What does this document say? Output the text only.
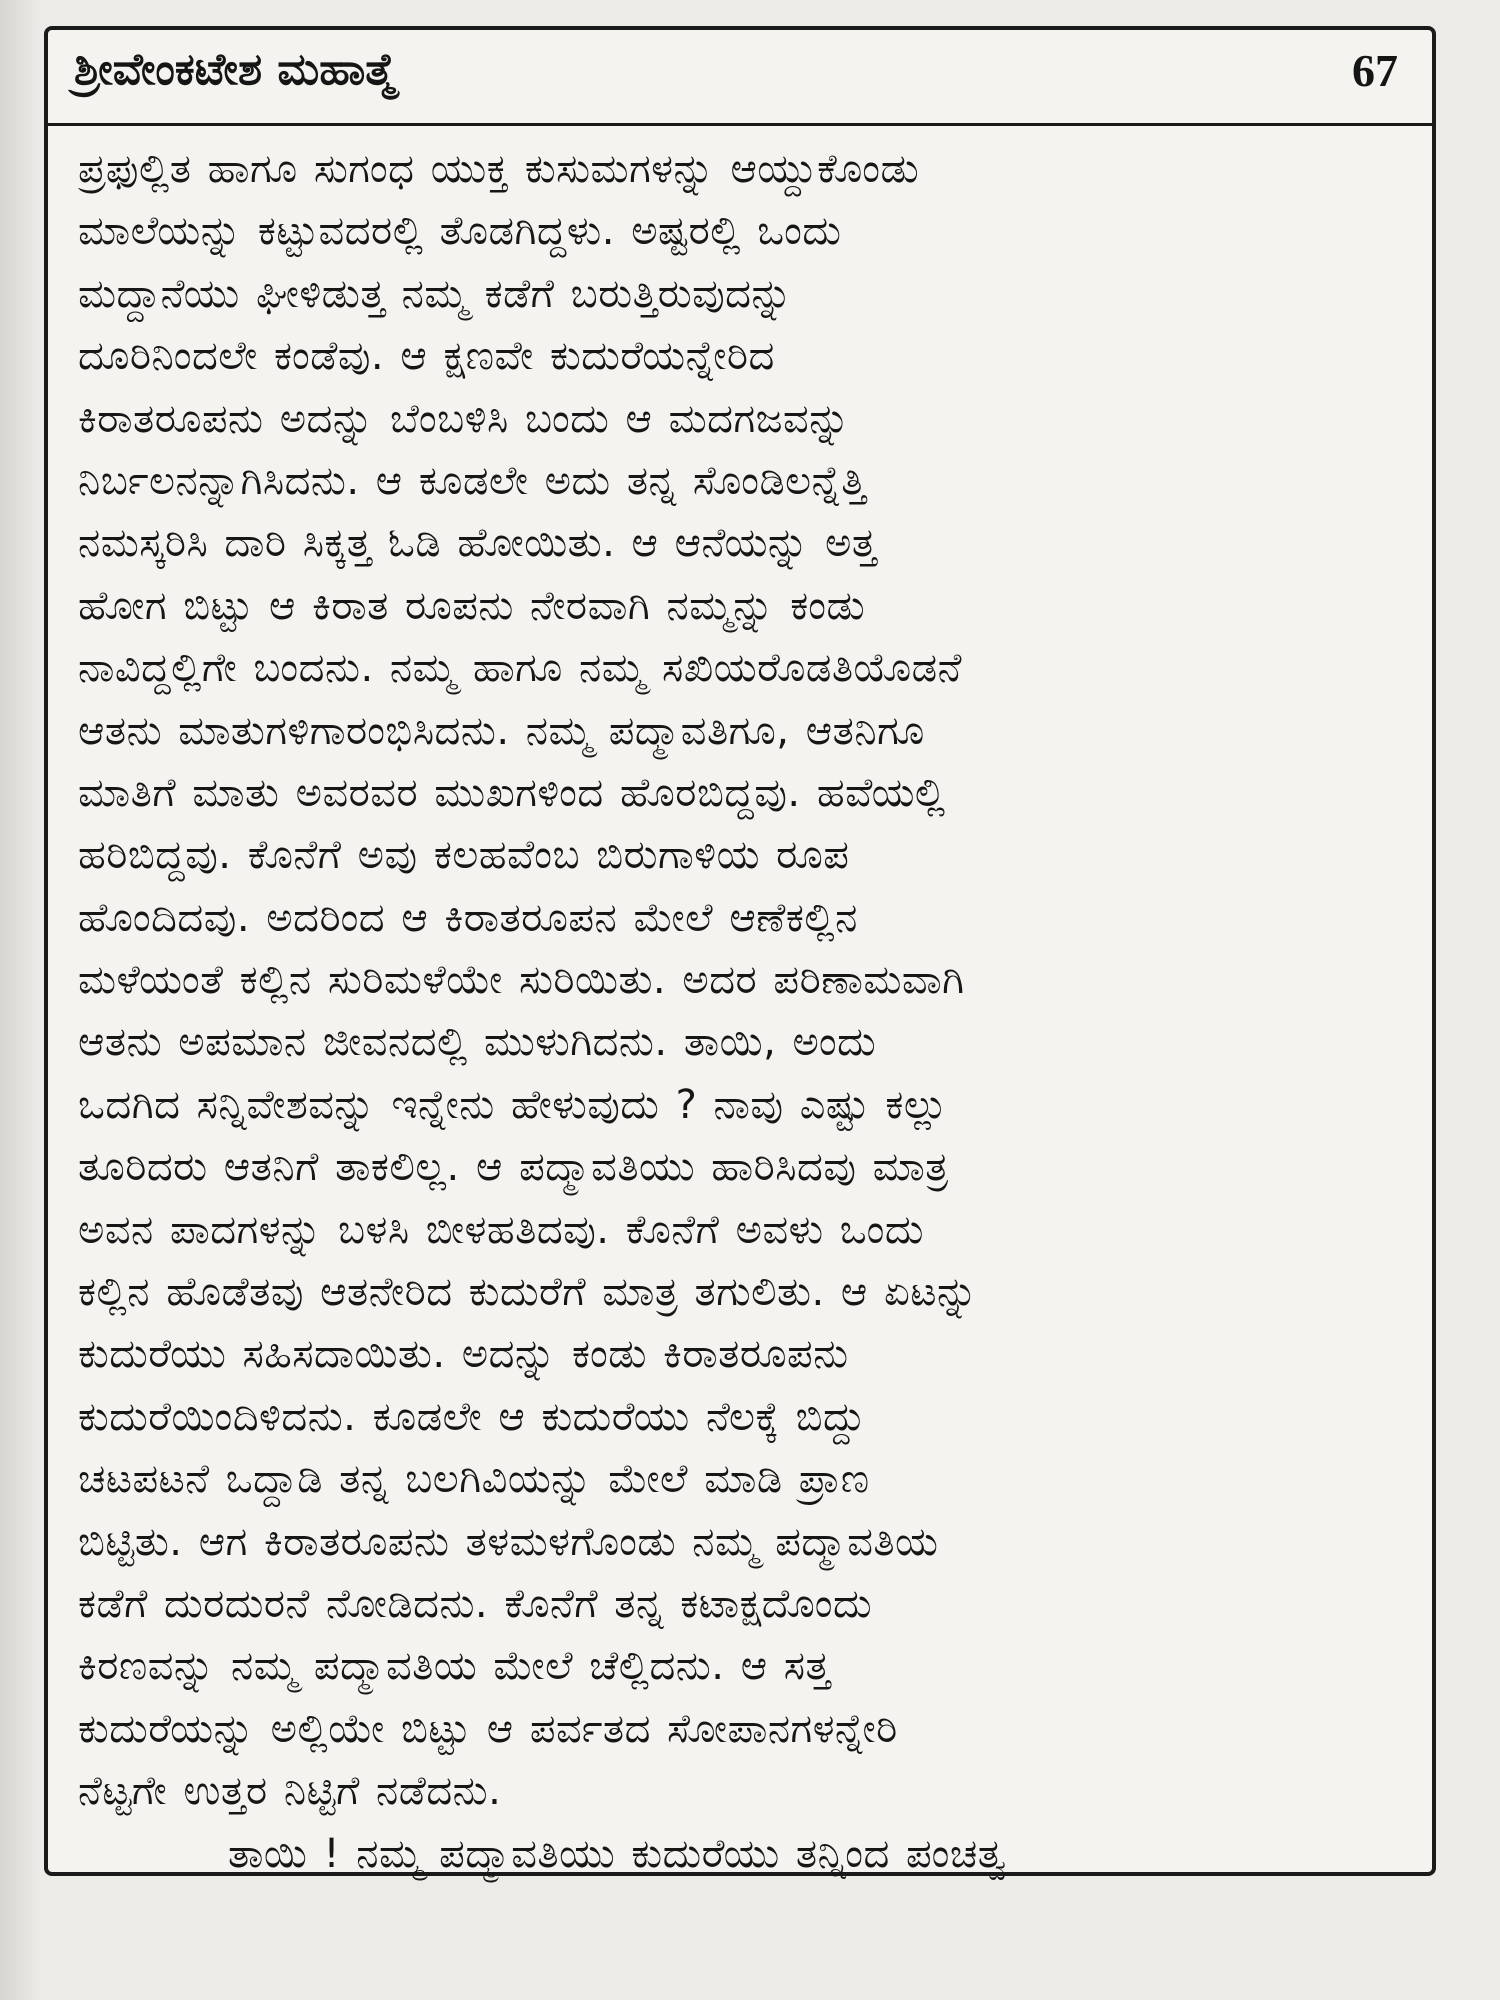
ಶ್ರೀವೇಂಕಟೇಶ ಮಹಾತ್ಮೆ	67
ಪ್ರಫುಲ್ಲಿತ ಹಾಗೂ ಸುಗಂಧ ಯುಕ್ತ ಕುಸುಮಗಳನ್ನು ಆಯ್ದುಕೊಂಡು
ಮಾಲೆಯನ್ನು ಕಟ್ಟುವದರಲ್ಲಿ ತೊಡಗಿದ್ದಳು. ಅಷ್ಟರಲ್ಲಿ ಒಂದು
ಮದ್ದಾನೆಯು ಘೀಳಿಡುತ್ತ ನಮ್ಮ ಕಡೆಗೆ ಬರುತ್ತಿರುವುದನ್ನು
ದೂರಿನಿಂದಲೇ ಕಂಡೆವು. ಆ ಕ್ಷಣವೇ ಕುದುರೆಯನ್ನೇರಿದ
ಕಿರಾತರೂಪನು ಅದನ್ನು ಬೆಂಬಳಿಸಿ ಬಂದು ಆ ಮದಗಜವನ್ನು
ನಿರ್ಬಲನನ್ನಾಗಿಸಿದನು. ಆ ಕೂಡಲೇ ಅದು ತನ್ನ ಸೊಂಡಿಲನ್ನೆತ್ತಿ
ನಮಸ್ಕರಿಸಿ ದಾರಿ ಸಿಕ್ಕತ್ತ ಓಡಿ ಹೋಯಿತು. ಆ ಆನೆಯನ್ನು ಅತ್ತ
ಹೋಗ ಬಿಟ್ಟು ಆ ಕಿರಾತ ರೂಪನು ನೇರವಾಗಿ ನಮ್ಮನ್ನು ಕಂಡು
ನಾವಿದ್ದಲ್ಲಿಗೇ ಬಂದನು. ನಮ್ಮ ಹಾಗೂ ನಮ್ಮ ಸಖಿಯರೊಡತಿಯೊಡನೆ
ಆತನು ಮಾತುಗಳಿಗಾರಂಭಿಸಿದನು. ನಮ್ಮ ಪದ್ಮಾವತಿಗೂ, ಆತನಿಗೂ
ಮಾತಿಗೆ ಮಾತು ಅವರವರ ಮುಖಗಳಿಂದ ಹೊರಬಿದ್ದವು. ಹವೆಯಲ್ಲಿ
ಹರಿಬಿದ್ದವು. ಕೊನೆಗೆ ಅವು ಕಲಹವೆಂಬ ಬಿರುಗಾಳಿಯ ರೂಪ
ಹೊಂದಿದವು. ಅದರಿಂದ ಆ ಕಿರಾತರೂಪನ ಮೇಲೆ ಆಣೆಕಲ್ಲಿನ
ಮಳೆಯಂತೆ ಕಲ್ಲಿನ ಸುರಿಮಳೆಯೇ ಸುರಿಯಿತು. ಅದರ ಪರಿಣಾಮವಾಗಿ
ಆತನು ಅಪಮಾನ ಜೀವನದಲ್ಲಿ ಮುಳುಗಿದನು. ತಾಯಿ, ಅಂದು
ಒದಗಿದ ಸನ್ನಿವೇಶವನ್ನು ಇನ್ನೇನು ಹೇಳುವುದು ? ನಾವು ಎಷ್ಟು ಕಲ್ಲು
ತೂರಿದರು ಆತನಿಗೆ ತಾಕಲಿಲ್ಲ. ಆ ಪದ್ಮಾವತಿಯು ಹಾರಿಸಿದವು ಮಾತ್ರ
ಅವನ ಪಾದಗಳನ್ನು ಬಳಸಿ ಬೀಳಹತಿದವು. ಕೊನೆಗೆ ಅವಳು ಒಂದು
ಕಲ್ಲಿನ ಹೊಡೆತವು ಆತನೇರಿದ ಕುದುರೆಗೆ ಮಾತ್ರ ತಗುಲಿತು. ಆ ಏಟನ್ನು
ಕುದುರೆಯು ಸಹಿಸದಾಯಿತು. ಅದನ್ನು ಕಂಡು ಕಿರಾತರೂಪನು
ಕುದುರೆಯಿಂದಿಳಿದನು. ಕೂಡಲೇ ಆ ಕುದುರೆಯು ನೆಲಕ್ಕೆ ಬಿದ್ದು
ಚಟಪಟನೆ ಒದ್ದಾಡಿ ತನ್ನ ಬಲಗಿವಿಯನ್ನು ಮೇಲೆ ಮಾಡಿ ಪ್ರಾಣ
ಬಿಟ್ಟಿತು. ಆಗ ಕಿರಾತರೂಪನು ತಳಮಳಗೊಂಡು ನಮ್ಮ ಪದ್ಮಾವತಿಯ
ಕಡೆಗೆ ದುರದುರನೆ ನೋಡಿದನು. ಕೊನೆಗೆ ತನ್ನ ಕಟಾಕ್ಷದೊಂದು
ಕಿರಣವನ್ನು ನಮ್ಮ ಪದ್ಮಾವತಿಯ ಮೇಲೆ ಚೆಲ್ಲಿದನು. ಆ ಸತ್ತ
ಕುದುರೆಯನ್ನು ಅಲ್ಲಿಯೇ ಬಿಟ್ಟು ಆ ಪರ್ವತದ ಸೋಪಾನಗಳನ್ನೇರಿ
ನೆಟ್ಟಗೇ ಉತ್ತರ ನಿಟ್ಟಿಗೆ ನಡೆದನು.
ತಾಯಿ ! ನಮ್ಮ ಪದ್ಮಾವತಿಯು ಕುದುರೆಯು ತನ್ನಿಂದ ಪಂಚತ್ವ
